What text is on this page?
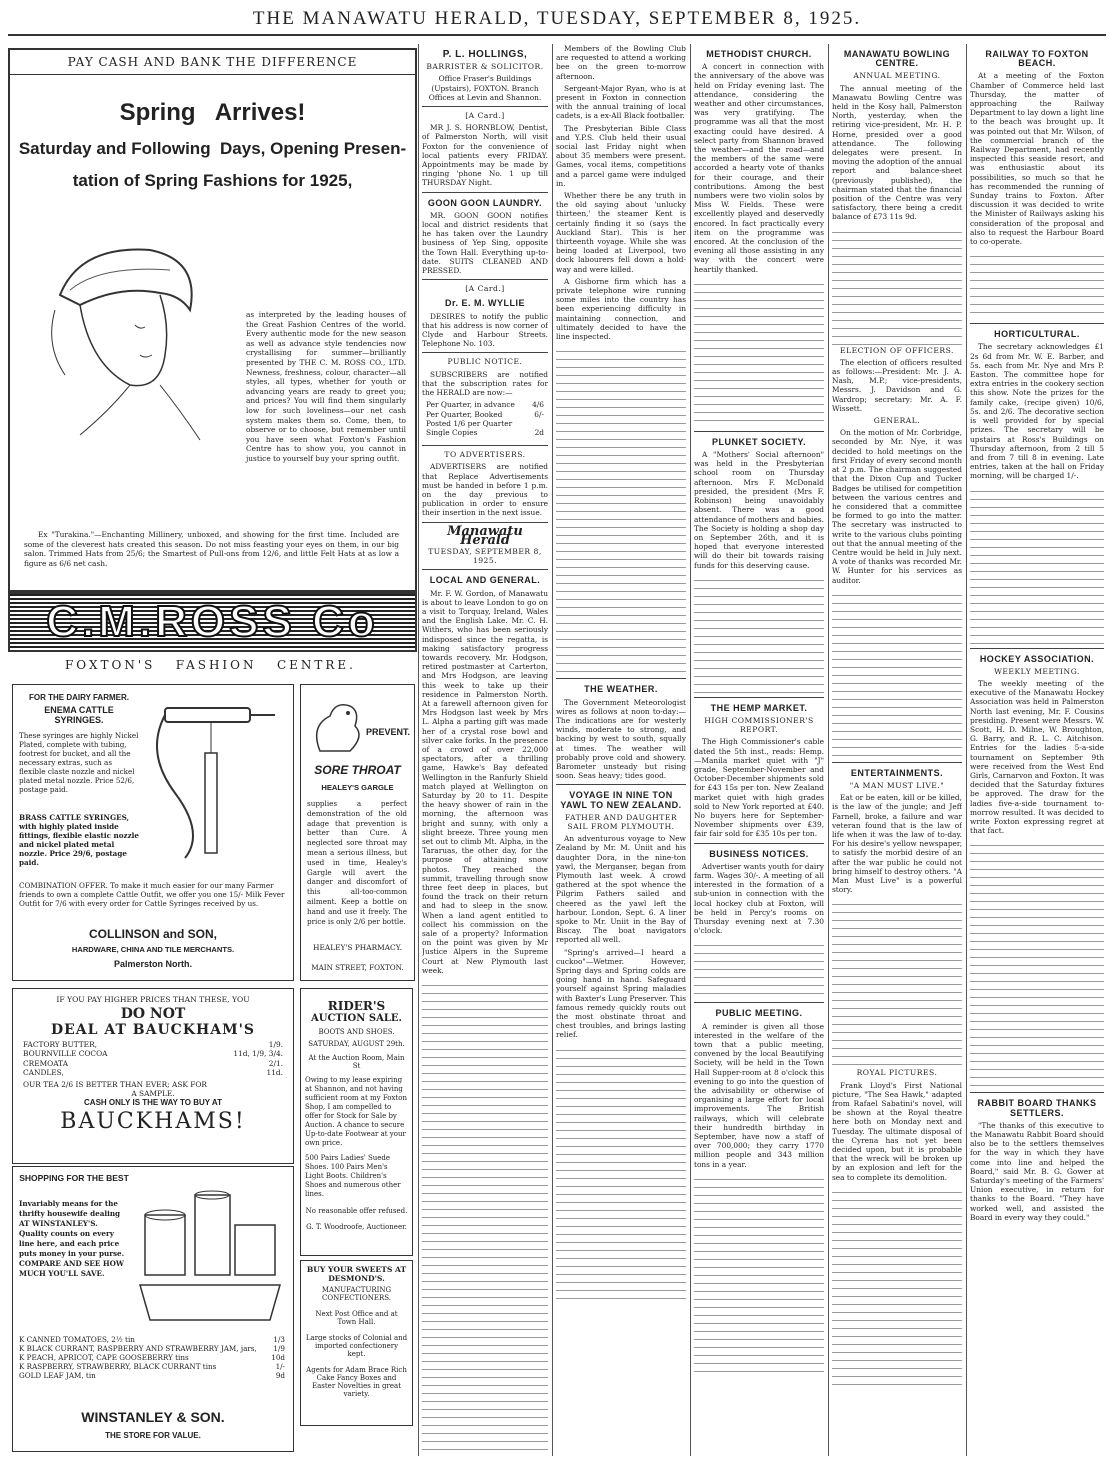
THE MANAWATU HERALD, TUESDAY, SEPTEMBER 8, 1925.
PAY CASH AND BANK THE DIFFERENCE
Spring   Arrives!
Saturday and Following  Days, Opening Presen-
tation of Spring Fashions for 1925,
as interpreted by the leading houses of the Great Fashion Centres of the world. Every authentic mode for the new season as well as advance style tendencies now crystallising for summer—brilliantly presented by THE C. M. ROSS CO., LTD. Newness, freshness, colour, character—all styles, all types, whether for youth or advancing years are ready to greet you; and prices? You will find them singularly low for such loveliness—our net cash system makes them so. Come, then, to observe or to choose, but remember until you have seen what Foxton's Fashion Centre has to show you, you cannot in justice to yourself buy your spring outfit.
Ex "Turakina."—Enchanting Millinery, unboxed, and showing for the first time. Included are some of the cleverest hats created this season. Do not miss feasting your eyes on them, in our big salon. Trimmed Hats from 25/6; the Smartest of Pull-ons from 12/6, and little Felt Hats at as low a figure as 6/6 net cash.
C.M.ROSS Co
FOXTON'S   FASHION   CENTRE.
FOR THE DAIRY FARMER.
ENEMA CATTLE SYRINGES.
These syringes are highly Nickel Plated, complete with tubing, footrest for bucket, and all the necessary extras, such as flexible claste nozzle and nickel plated metal nozzle. Price 52/6, postage paid.
BRASS CATTLE SYRINGES, with highly plated inside fittings, flexible elastic nozzle and nickel plated metal nozzle. Price 29/6, postage paid.
COMBINATION OFFER. To make it much easier for our many Farmer friends to own a complete Cattle Outfit, we offer you one 15/- Milk Fever Outfit for 7/6 with every order for Cattle Syringes received by us.
COLLINSON and SON,
HARDWARE, CHINA AND TILE MERCHANTS.
Palmerston North.
PREVENT.
SORE THROAT
HEALEY'S GARGLE
supplies a perfect demonstration of the old adage that prevention is better than Cure. A neglected sore throat may mean a serious illness, but used in time, Healey's Gargle will avert the danger and discomfort of this all-too-common ailment. Keep a bottle on hand and use it freely. The price is only 2/6 per bottle.
HEALEY'S PHARMACY.
MAIN STREET, FOXTON.
IF YOU PAY HIGHER PRICES THAN THESE, YOU
DO NOT
DEAL AT BAUCKHAM'S
FACTORY BUTTER,	1/9.
BOURNVILLE COCOA	11d, 1/9, 3/4.
CREMOATA	2/1.
CANDLES,	11d.
OUR TEA 2/6 IS BETTER THAN EVER; ASK FOR
A SAMPLE.
CASH ONLY IS THE WAY TO BUY AT
BAUCKHAMS!
SHOPPING FOR THE BEST
Invariably means for the thrifty housewife dealing AT WINSTANLEY'S. Quality counts on every line here, and each price puts money in your purse. COMPARE AND SEE HOW MUCH YOU'LL SAVE.
K CANNED TOMATOES, 2½ tin	1/3
K BLACK CURRANT, RASPBERRY AND STRAWBERRY JAM, jars, 1/9
K PEACH, APRICOT, CAPE GOOSEBERRY tins	10d
K RASPBERRY, STRAWBERRY, BLACK CURRANT tins	1/-
GOLD LEAF JAM, tin	9d
WINSTANLEY & SON.
THE STORE FOR VALUE.
RIDER'S
AUCTION SALE.
BOOTS AND SHOES.
SATURDAY, AUGUST 29th.
At the Auction Room, Main St
Owing to my lease expiring at Shannon, and not having sufficient room at my Foxton Shop, I am compelled to offer for Stock for Sale by Auction. A chance to secure Up-to-date Footwear at your own price.
500 Pairs Ladies' Suede Shoes. 100 Pairs Men's Light Boots. Children's Shoes and numerous other lines.
No reasonable offer refused.
G. T. Woodroofe, Auctioneer.
BUY YOUR SWEETS AT DESMOND'S.
MANUFACTURING CONFECTIONERS.
Next Post Office and at Town Hall.
Large stocks of Colonial and imported confectionery kept.
Agents for Adam Brace Rich Cake Fancy Boxes and Easter Novelties in great variety.
P. L. HOLLINGS,
BARRISTER & SOLICITOR.

Office Fraser's Buildings (Upstairs), FOXTON. Branch Offices at Levin and Shannon.

[A Card.]

MR J. S. HORNBLOW, Dentist, of Palmerston North, will visit Foxton for the convenience of local patients every FRIDAY. Appointments may be made by ringing 'phone No. 1 up till THURSDAY Night.

GOON GOON LAUNDRY.

MR. GOON GOON notifies local and district residents that he has taken over the Laundry business of Yep Sing, opposite the Town Hall. Everything up-to-date. SUITS CLEANED AND PRESSED.

[A Card.]
Dr. E. M. WYLLIE

DESIRES to notify the public that his address is now corner of Clyde and Harbour Streets. Telephone No. 103.

PUBLIC NOTICE.

SUBSCRIBERS are notified that the subscription rates for the HERALD are now:—

Per Quarter, in advance 4/6
Per Quarter, Booked	6/-
Posted 1/6 per Quarter
Single Copies	2d
TO ADVERTISERS.

ADVERTISERS are notified that Replace Advertisements must be handed in before 1 p.m. on the day previous to publication in order to ensure their insertion in the next issue.

Manawatu Herald
TUESDAY, SEPTEMBER 8, 1925.
LOCAL AND GENERAL.

Mr. F. W. Gordon, of Manawatu is about to leave London to go on a visit to Torquay, Ireland, Wales and the English Lake. Mr. C. H. Withers, who has been seriously indisposed since the regatta, is making satisfactory progress towards recovery. Mr. Hodgson, retired postmaster at Carterton, and Mrs Hodgson, are leaving this week to take up their residence in Palmerston North. At a farewell afternoon given for Mrs Hodgson last week by Mrs L. Alpha a parting gift was made her of a crystal rose bowl and silver cake forks. In the presence of a crowd of over 22,000 spectators, after a thrilling game, Hawke's Bay defeated Wellington in the Ranfurly Shield match played at Wellington on Saturday by 20 to 11. Despite the heavy shower of rain in the morning, the afternoon was bright and sunny, with only a slight breeze. Three young men set out to climb Mt. Alpha, in the Tararuas, the other day, for the purpose of attaining snow photos. They reached the summit, travelling through snow three feet deep in places, but found the track on their return and had to sleep in the snow. When a land agent entitled to collect his commission on the sale of a property? Information on the point was given by Mr Justice Alpers in the Supreme Court at New Plymouth last week.

Members of the Bowling Club are requested to attend a working bee on the green to-morrow afternoon.

Sergeant-Major Ryan, who is at present in Foxton in connection with the annual training of local cadets, is a ex-All Black footballer.

The Presbyterian Bible Class and Y.P.S. Club held their usual social last Friday night when about 35 members were present. Games, vocal items, competitions and a parcel game were indulged in.

Whether there be any truth in the old saying about 'unlucky thirteen,' the steamer Kent is certainly finding it so (says the Auckland Star). This is her thirteenth voyage. While she was being loaded at Liverpool, two dock labourers fell down a hold-way and were killed.

A Gisborne firm which has a private telephone wire running some miles into the country has been experiencing difficulty in maintaining connection, and ultimately decided to have the line inspected.

THE WEATHER.

The Government Meteorologist wires as follows at noon to-day:—The indications are for westerly winds, moderate to strong, and backing by west to south, squally at times. The weather will probably prove cold and showery. Barometer unsteady but rising soon. Seas heavy; tides good.

VOYAGE IN NINE TON YAWL TO NEW ZEALAND.
FATHER AND DAUGHTER SAIL FROM PLYMOUTH.

An adventurous voyage to New Zealand by Mr. M. Uniit and his daughter Dora, in the nine-ton yawl, the Merganser, began from Plymouth last week. A crowd gathered at the spot whence the Pilgrim Fathers sailed and cheered as the yawl left the harbour. London, Sept. 6. A liner spoke to Mr. Uniit in the Bay of Biscay. The boat navigators reported all well.

"Spring's arrived—I heard a cuckoo"—Wetmer. However, Spring days and Spring colds are going hand in hand. Safeguard yourself against Spring maladies with Baxter's Lung Preserver. This famous remedy quickly routs out the most obstinate throat and chest troubles, and brings lasting relief.

METHODIST CHURCH.

A concert in connection with the anniversary of the above was held on Friday evening last. The attendance, considering the weather and other circumstances, was very gratifying. The programme was all that the most exacting could have desired. A select party from Shannon braved the weather—and the road—and the members of the same were accorded a hearty vote of thanks for their courage, and their contributions. Among the best numbers were two violin solos by Miss W. Fields. These were excellently played and deservedly encored. In fact practically every item on the programme was encored. At the conclusion of the evening all those assisting in any way with the concert were heartily thanked.

PLUNKET SOCIETY.

A "Mothers' Social afternoon" was held in the Presbyterian school room on Thursday afternoon. Mrs F. McDonald presided, the president (Mrs F. Robinson) being unavoidably absent. There was a good attendance of mothers and babies. The Society is holding a shop day on September 26th, and it is hoped that everyone interested will do their bit towards raising funds for this deserving cause.

THE HEMP MARKET.
HIGH COMMISSIONER'S REPORT.

The High Commissioner's cable dated the 5th inst., reads: Hemp.—Manila market quiet with "J" grade, September-November and October-December shipments sold for £43 15s per ton. New Zealand market quiet with high grades sold to New York reported at £40. No buyers here for September-November shipments over £39, fair fair sold for £35 10s per ton.

BUSINESS NOTICES.

Advertiser wants youth for dairy farm. Wages 30/-. A meeting of all interested in the formation of a sub-union in connection with the local hockey club at Foxton, will be held in Percy's rooms on Thursday evening next at 7.30 o'clock.

PUBLIC MEETING.

A reminder is given all those interested in the welfare of the town that a public meeting, convened by the local Beautifying Society, will be held in the Town Hall Supper-room at 8 o'clock this evening to go into the question of the advisability or otherwise of organising a large effort for local improvements. The British railways, which will celebrate their hundredth birthday in September, have now a staff of over 700,000; they carry 1770 million people and 343 million tons in a year.

MANAWATU BOWLING CENTRE.
ANNUAL MEETING.

The annual meeting of the Manawatu Bowling Centre was held in the Kosy hall, Palmerston North, yesterday, when the retiring vice-president, Mr. H. P. Horne, presided over a good attendance. The following delegates were present. In moving the adoption of the annual report and balance-sheet (previously published), the chairman stated that the financial position of the Centre was very satisfactory, there being a credit balance of £73 11s 9d.

ELECTION OF OFFICERS.

The election of officers resulted as follows:—President: Mr. J. A. Nash, M.P.; vice-presidents, Messrs. J. Davidson and G. Wardrop; secretary: Mr. A. F. Wissett.

GENERAL.

On the motion of Mr. Corbridge, seconded by Mr. Nye, it was decided to hold meetings on the first Friday of every second month at 2 p.m. The chairman suggested that the Dixon Cup and Tucker Badges be utilised for competition between the various centres and he considered that a committee be formed to go into the matter. The secretary was instructed to write to the various clubs pointing out that the annual meeting of the Centre would be held in July next. A vote of thanks was recorded Mr. W. Hunter for his services as auditor.

ENTERTAINMENTS.
"A MAN MUST LIVE."

Eat or be eaten, kill or be killed, is the law of the jungle; and Jeff Farnell, broke, a failure and war veteran found that is the law of life when it was the law of to-day. For his desire's yellow newspaper, to satisfy the morbid desire of an after the war public he could not bring himself to destroy others. "A Man Must Live" is a powerful story.

ROYAL PICTURES.

Frank Lloyd's First National picture, "The Sea Hawk," adapted from Rafael Sabatini's novel, will be shown at the Royal theatre here both on Monday next and Tuesday. The ultimate disposal of the Cyrena has not yet been decided upon, but it is probable that the wreck will be broken up by an explosion and left for the sea to complete its demolition.

RAILWAY TO FOXTON BEACH.

At a meeting of the Foxton Chamber of Commerce held last Thursday, the matter of approaching the Railway Department to lay down a light line to the beach was brought up. It was pointed out that Mr. Wilson, of the commercial branch of the Railway Department, had recently inspected this seaside resort, and was enthusiastic about its possibilities, so much so that he has recommended the running of Sunday trains to Foxton. After discussion it was decided to write the Minister of Railways asking his consideration of the proposal and also to request the Harbour Board to co-operate.

HORTICULTURAL.

The secretary acknowledges £1 2s 6d from Mr. W. E. Barber, and 5s. each from Mr. Nye and Mrs P. Easton. The committee hope for extra entries in the cookery section this show. Note the prizes for the family cake, (recipe given) 10/6, 5s. and 2/6. The decorative section is well provided for by special prizes. The secretary will be upstairs at Ross's Buildings on Thursday afternoon, from 2 till 5 and from 7 till 8 in evening. Late entries, taken at the hall on Friday morning, will be charged 1/-.

HOCKEY ASSOCIATION.
WEEKLY MEETING.

The weekly meeting of the executive of the Manawatu Hockey Association was held in Palmerston North last evening, Mr. F. Cousins presiding. Present were Messrs. W. Scott, H. D. Milne, W. Broughton, G. Barry, and R. L. C. Aitchison. Entries for the ladies 5-a-side tournament on September 9th were received from the West End Girls, Carnarvon and Foxton. It was decided that the Saturday fixtures be approved. The draw for the ladies five-a-side tournament to-morrow resulted. It was decided to write Foxton expressing regret at that fact.

RABBIT BOARD THANKS SETTLERS.

"The thanks of this executive to the Manawatu Rabbit Board should also be to the settlers themselves for the way in which they have come into line and helped the Board," said Mr. B. G. Gower at Saturday's meeting of the Farmers' Union executive, in return for thanks to the Board. "They have worked well, and assisted the Board in every way they could."
